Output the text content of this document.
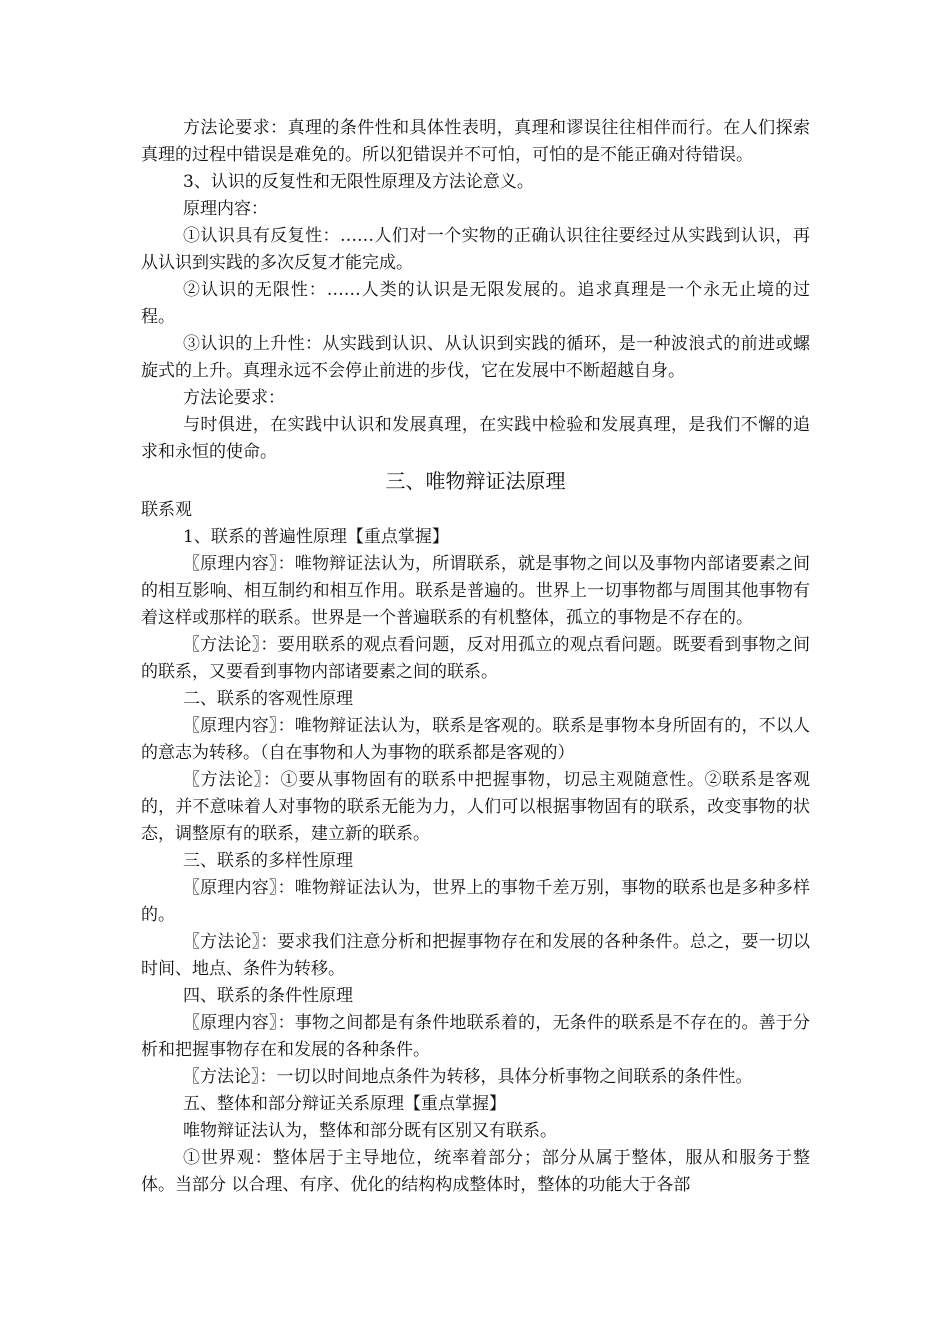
方法论要求：真理的条件性和具体性表明，真理和谬误往往相伴而行。在人们探索真理的过程中错误是难免的。所以犯错误并不可怕，可怕的是不能正确对待错误。

3、认识的反复性和无限性原理及方法论意义。

原理内容：

①认识具有反复性：……人们对一个实物的正确认识往往要经过从实践到认识，再从认识到实践的多次反复才能完成。

②认识的无限性：……人类的认识是无限发展的。追求真理是一个永无止境的过程。

③认识的上升性：从实践到认识、从认识到实践的循环，是一种波浪式的前进或螺旋式的上升。真理永远不会停止前进的步伐，它在发展中不断超越自身。

方法论要求：

与时俱进，在实践中认识和发展真理，在实践中检验和发展真理，是我们不懈的追求和永恒的使命。

三、唯物辩证法原理

联系观

1、联系的普遍性原理【重点掌握】

〖原理内容〗：唯物辩证法认为，所谓联系，就是事物之间以及事物内部诸要素之间的相互影响、相互制约和相互作用。联系是普遍的。世界上一切事物都与周围其他事物有着这样或那样的联系。世界是一个普遍联系的有机整体，孤立的事物是不存在的。

〖方法论〗：要用联系的观点看问题，反对用孤立的观点看问题。既要看到事物之间的联系，又要看到事物内部诸要素之间的联系。

二、联系的客观性原理

〖原理内容〗：唯物辩证法认为，联系是客观的。联系是事物本身所固有的，不以人的意志为转移。（自在事物和人为事物的联系都是客观的）

〖方法论〗：①要从事物固有的联系中把握事物，切忌主观随意性。②联系是客观的，并不意味着人对事物的联系无能为力，人们可以根据事物固有的联系，改变事物的状态，调整原有的联系，建立新的联系。

三、联系的多样性原理

〖原理内容〗：唯物辩证法认为，世界上的事物千差万别，事物的联系也是多种多样的。

〖方法论〗：要求我们注意分析和把握事物存在和发展的各种条件。总之，要一切以时间、地点、条件为转移。

四、联系的条件性原理

〖原理内容〗：事物之间都是有条件地联系着的，无条件的联系是不存在的。善于分析和把握事物存在和发展的各种条件。

〖方法论〗：一切以时间地点条件为转移，具体分析事物之间联系的条件性。

五、整体和部分辩证关系原理【重点掌握】

唯物辩证法认为，整体和部分既有区别又有联系。

①世界观：整体居于主导地位，统率着部分；部分从属于整体，服从和服务于整体。当部分 以合理、有序、优化的结构构成整体时，整体的功能大于各部
